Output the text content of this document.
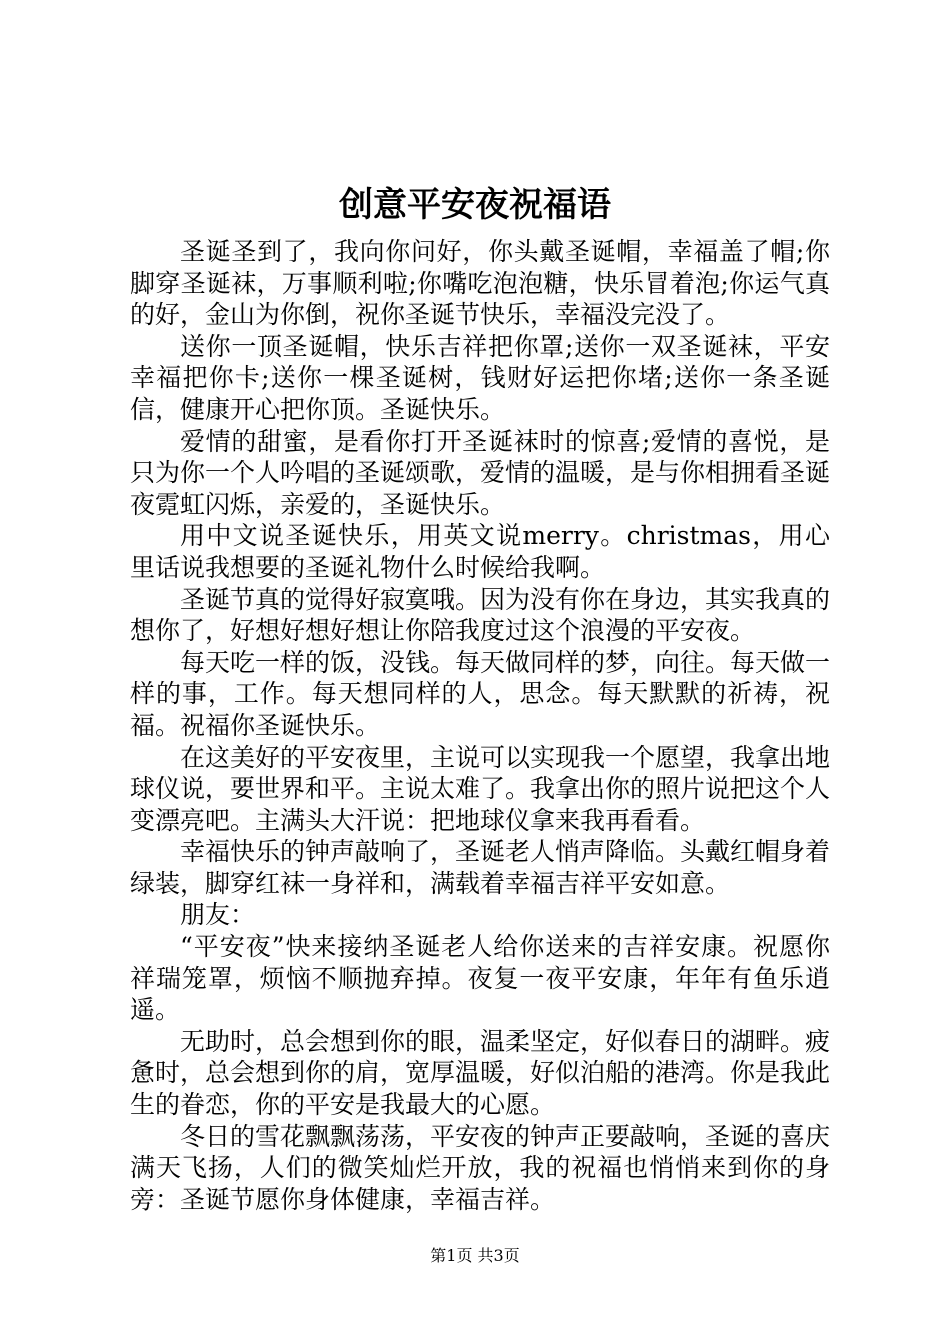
创意平安夜祝福语

圣诞圣到了，我向你问好，你头戴圣诞帽，幸福盖了帽;你脚穿圣诞袜，万事顺利啦;你嘴吃泡泡糖，快乐冒着泡;你运气真的好，金山为你倒，祝你圣诞节快乐，幸福没完没了。

送你一顶圣诞帽，快乐吉祥把你罩;送你一双圣诞袜，平安幸福把你卡;送你一棵圣诞树，钱财好运把你堵;送你一条圣诞信，健康开心把你顶。圣诞快乐。

爱情的甜蜜，是看你打开圣诞袜时的惊喜;爱情的喜悦，是只为你一个人吟唱的圣诞颂歌，爱情的温暖，是与你相拥看圣诞夜霓虹闪烁，亲爱的，圣诞快乐。

用中文说圣诞快乐，用英文说merry。christmas，用心里话说我想要的圣诞礼物什么时候给我啊。

圣诞节真的觉得好寂寞哦。因为没有你在身边，其实我真的想你了，好想好想好想让你陪我度过这个浪漫的平安夜。

每天吃一样的饭，没钱。每天做同样的梦，向往。每天做一样的事，工作。每天想同样的人，思念。每天默默的祈祷，祝福。祝福你圣诞快乐。

在这美好的平安夜里，主说可以实现我一个愿望，我拿出地球仪说，要世界和平。主说太难了。我拿出你的照片说把这个人变漂亮吧。主满头大汗说：把地球仪拿来我再看看。

幸福快乐的钟声敲响了，圣诞老人悄声降临。头戴红帽身着绿装，脚穿红袜一身祥和，满载着幸福吉祥平安如意。

朋友：

“平安夜”快来接纳圣诞老人给你送来的吉祥安康。祝愿你祥瑞笼罩，烦恼不顺抛弃掉。夜复一夜平安康，年年有鱼乐逍遥。

无助时，总会想到你的眼，温柔坚定，好似春日的湖畔。疲惫时，总会想到你的肩，宽厚温暖，好似泊船的港湾。你是我此生的眷恋，你的平安是我最大的心愿。

冬日的雪花飘飘荡荡，平安夜的钟声正要敲响，圣诞的喜庆满天飞扬，人们的微笑灿烂开放，我的祝福也悄悄来到你的身旁：圣诞节愿你身体健康，幸福吉祥。

第1页 共3页
